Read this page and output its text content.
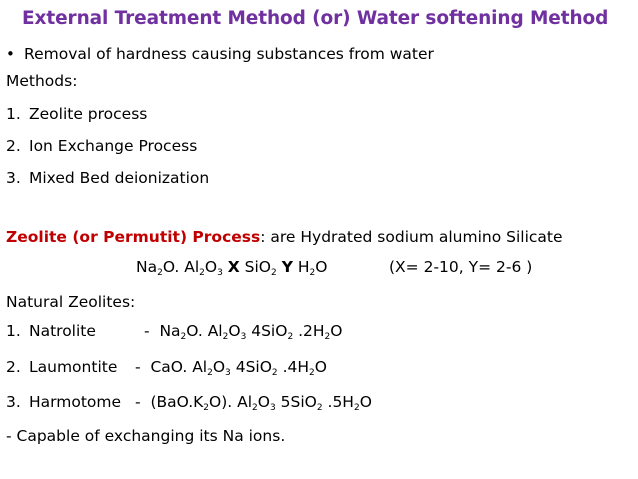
External Treatment Method (or) Water softening Method
• Removal of hardness causing substances from water
Methods:
1. Zeolite process
2. Ion Exchange Process
3. Mixed Bed deionization
Zeolite (or Permutit) Process: are Hydrated sodium alumino Silicate
$Na_2O$. $Al_2O_3$ X SiO$_2$ Y $H_2O$	(X= 2-10, Y= 2-6 )
Natural Zeolites:
1. Natrolite	-  $Na_2O$. $Al_2O_3$ 4SiO$_2$ $.2H_2O$
2. Laumontite -  CaO. $Al_2O_3$ 4SiO$_2$ $.4H_2O$
3. Harmotome -  $(BaO.K_2O)$. $Al_2O_3$ 5SiO$_2$ $.5H_2O$
- Capable of exchanging its Na ions.
